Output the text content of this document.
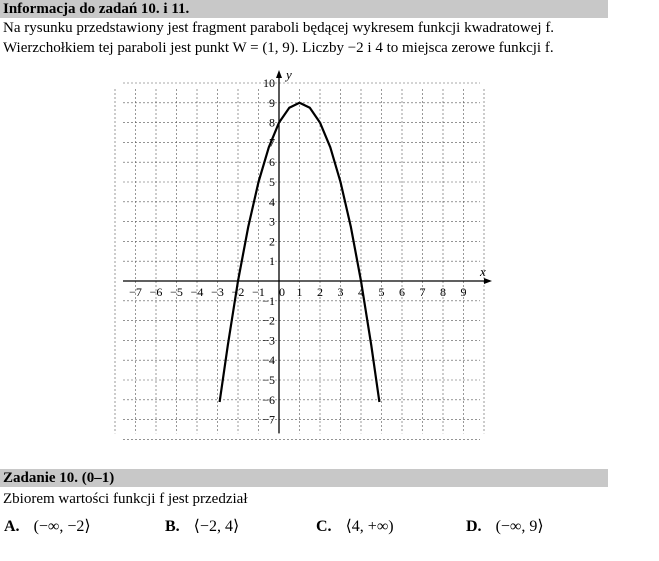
Informacja do zadań 10. i 11.
Na rysunku przedstawiony jest fragment paraboli będącej wykresem funkcji kwadratowej f.
Wierzchołkiem tej paraboli jest punkt W = (1, 9). Liczby −2 i 4 to miejsca zerowe funkcji f.
x
y
−7 −6 −5 −4 −3 −2 −1 0 1 2 3 4 5 6 7 8 9
1
2
3
4
5
6
7
8
9
10
−1
−2
−3
−4
−5
−6
−7
Zadanie 10. (0–1)
Zbiorem wartości funkcji f jest przedział
A. (−∞, −2⟩	B. ⟨−2, 4⟩	C. ⟨4, +∞)	D. (−∞, 9⟩
